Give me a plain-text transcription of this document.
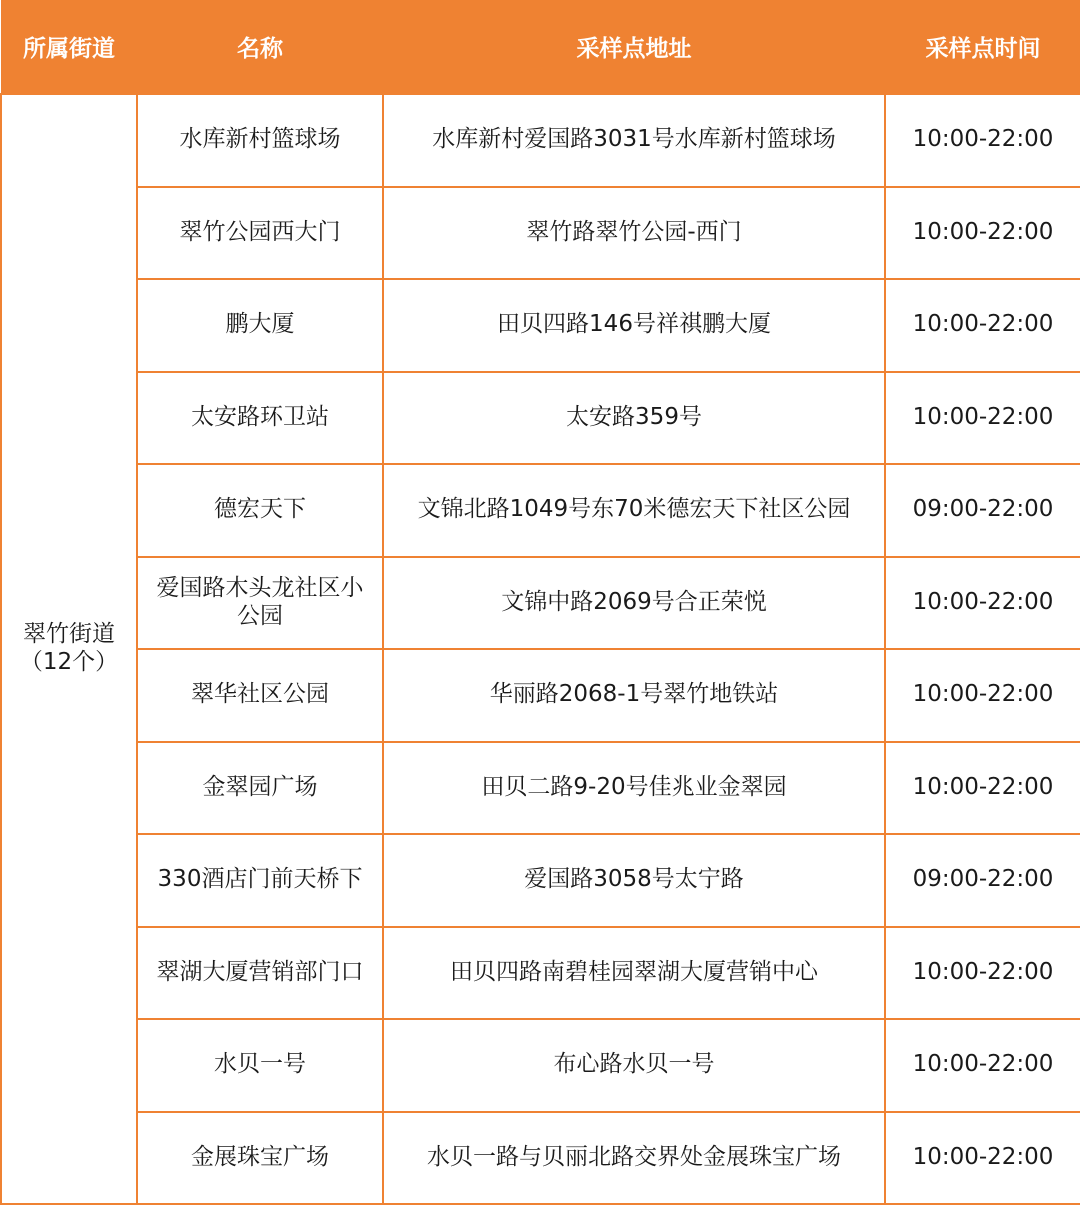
所属街道	名称	采样点地址	采样点时间

翠竹街道
（12个）	水库新村篮球场	水库新村爱国路3031号水库新村篮球场	10:00-22:00
	翠竹公园西大门	翠竹路翠竹公园-西门	10:00-22:00
	鹏大厦	田贝四路146号祥祺鹏大厦	10:00-22:00
	太安路环卫站	太安路359号	10:00-22:00
	德宏天下	文锦北路1049号东70米德宏天下社区公园	09:00-22:00
	爱国路木头龙社区小公园	文锦中路2069号合正荣悦	10:00-22:00
	翠华社区公园	华丽路2068-1号翠竹地铁站	10:00-22:00
	金翠园广场	田贝二路9-20号佳兆业金翠园	10:00-22:00
	330酒店门前天桥下	爱国路3058号太宁路	09:00-22:00
	翠湖大厦营销部门口	田贝四路南碧桂园翠湖大厦营销中心	10:00-22:00
	水贝一号	布心路水贝一号	10:00-22:00
	金展珠宝广场	水贝一路与贝丽北路交界处金展珠宝广场	10:00-22:00
